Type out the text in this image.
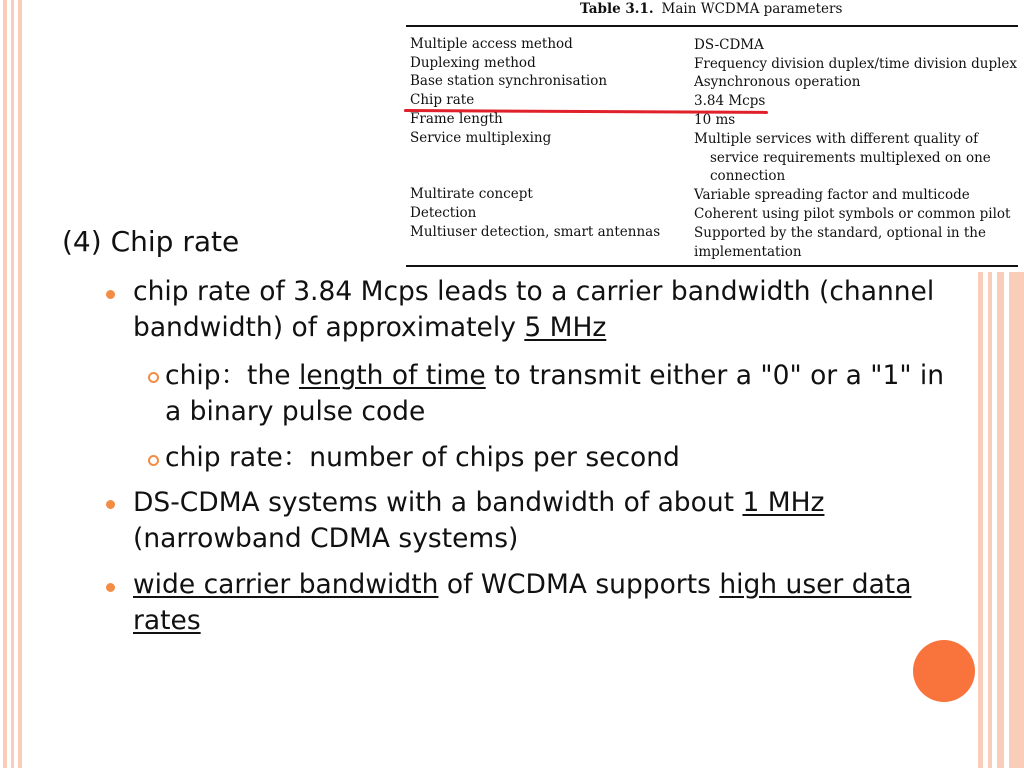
Table 3.1. Main WCDMA parameters
Multiple access method	DS-CDMA
Duplexing method	Frequency division duplex/time division duplex
Base station synchronisation	Asynchronous operation
Chip rate	3.84 Mcps
Frame length	10 ms
Service multiplexing	Multiple services with different quality of
service requirements multiplexed on one
connection
Multirate concept	Variable spreading factor and multicode
Detection	Coherent using pilot symbols or common pilot
Multiuser detection, smart antennas	Supported by the standard, optional in the
implementation
(4) Chip rate
chip rate of 3.84 Mcps leads to a carrier bandwidth (channel bandwidth) of approximately 5 MHz
chip：the length of time to transmit either a "0" or a "1" in a binary pulse code
chip rate：number of chips per second
DS-CDMA systems with a bandwidth of about 1 MHz (narrowband CDMA systems)
wide carrier bandwidth of WCDMA supports high user data rates
